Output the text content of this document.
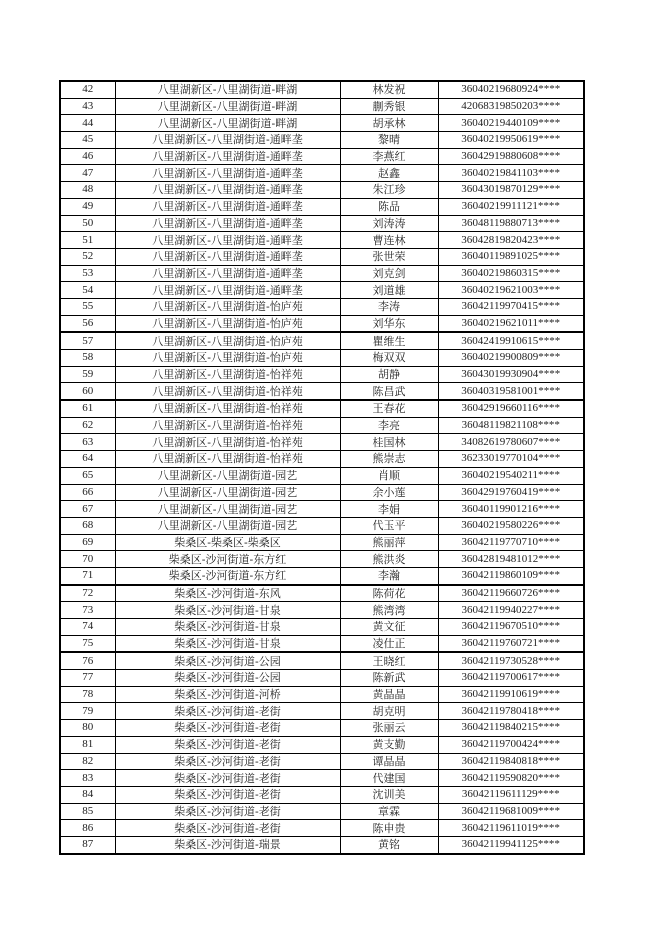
42	八里湖新区-八里湖街道-畔湖	林发祝	36040219680924****
43	八里湖新区-八里湖街道-畔湖	蒯秀银	42068319850203****
44	八里湖新区-八里湖街道-畔湖	胡承林	36040219440109****
45	八里湖新区-八里湖街道-通畔垄	黎晴	36040219950619****
46	八里湖新区-八里湖街道-通畔垄	李燕红	36042919880608****
47	八里湖新区-八里湖街道-通畔垄	赵鑫	36040219841103****
48	八里湖新区-八里湖街道-通畔垄	朱江珍	36043019870129****
49	八里湖新区-八里湖街道-通畔垄	陈品	36040219911121****
50	八里湖新区-八里湖街道-通畔垄	刘涛涛	36048119880713****
51	八里湖新区-八里湖街道-通畔垄	曹连林	36042819820423****
52	八里湖新区-八里湖街道-通畔垄	张世荣	36040119891025****
53	八里湖新区-八里湖街道-通畔垄	刘克剑	36040219860315****
54	八里湖新区-八里湖街道-通畔垄	刘道雄	36040219621003****
55	八里湖新区-八里湖街道-怡庐苑	李涛	36042119970415****
56	八里湖新区-八里湖街道-怡庐苑	刘华东	36040219621011****
57	八里湖新区-八里湖街道-怡庐苑	瞿维生	36042419910615****
58	八里湖新区-八里湖街道-怡庐苑	梅双双	36040219900809****
59	八里湖新区-八里湖街道-怡祥苑	胡静	36043019930904****
60	八里湖新区-八里湖街道-怡祥苑	陈昌武	36040319581001****
61	八里湖新区-八里湖街道-怡祥苑	王春花	36042919660116****
62	八里湖新区-八里湖街道-怡祥苑	李亮	36048119821108****
63	八里湖新区-八里湖街道-怡祥苑	桂国林	34082619780607****
64	八里湖新区-八里湖街道-怡祥苑	熊崇志	36233019770104****
65	八里湖新区-八里湖街道-园艺	肖顺	36040219540211****
66	八里湖新区-八里湖街道-园艺	余小莲	36042919760419****
67	八里湖新区-八里湖街道-园艺	李娟	36040119901216****
68	八里湖新区-八里湖街道-园艺	代玉平	36040219580226****
69	柴桑区-柴桑区-柴桑区	熊丽萍	36042119770710****
70	柴桑区-沙河街道-东方红	熊洪炎	36042819481012****
71	柴桑区-沙河街道-东方红	李瀚	36042119860109****
72	柴桑区-沙河街道-东风	陈荷花	36042119660726****
73	柴桑区-沙河街道-甘泉	熊湾湾	36042119940227****
74	柴桑区-沙河街道-甘泉	黄文征	36042119670510****
75	柴桑区-沙河街道-甘泉	凌仕正	36042119760721****
76	柴桑区-沙河街道-公园	王晓红	36042119730528****
77	柴桑区-沙河街道-公园	陈新武	36042119700617****
78	柴桑区-沙河街道-河桥	黄晶晶	36042119910619****
79	柴桑区-沙河街道-老街	胡克明	36042119780418****
80	柴桑区-沙河街道-老街	张丽云	36042119840215****
81	柴桑区-沙河街道-老街	黄支勤	36042119700424****
82	柴桑区-沙河街道-老街	谭晶晶	36042119840818****
83	柴桑区-沙河街道-老街	代建国	36042119590820****
84	柴桑区-沙河街道-老街	沈训美	36042119611129****
85	柴桑区-沙河街道-老街	章霖	36042119681009****
86	柴桑区-沙河街道-老街	陈申贵	36042119611019****
87	柴桑区-沙河街道-瑞景	黄铭	36042119941125****
